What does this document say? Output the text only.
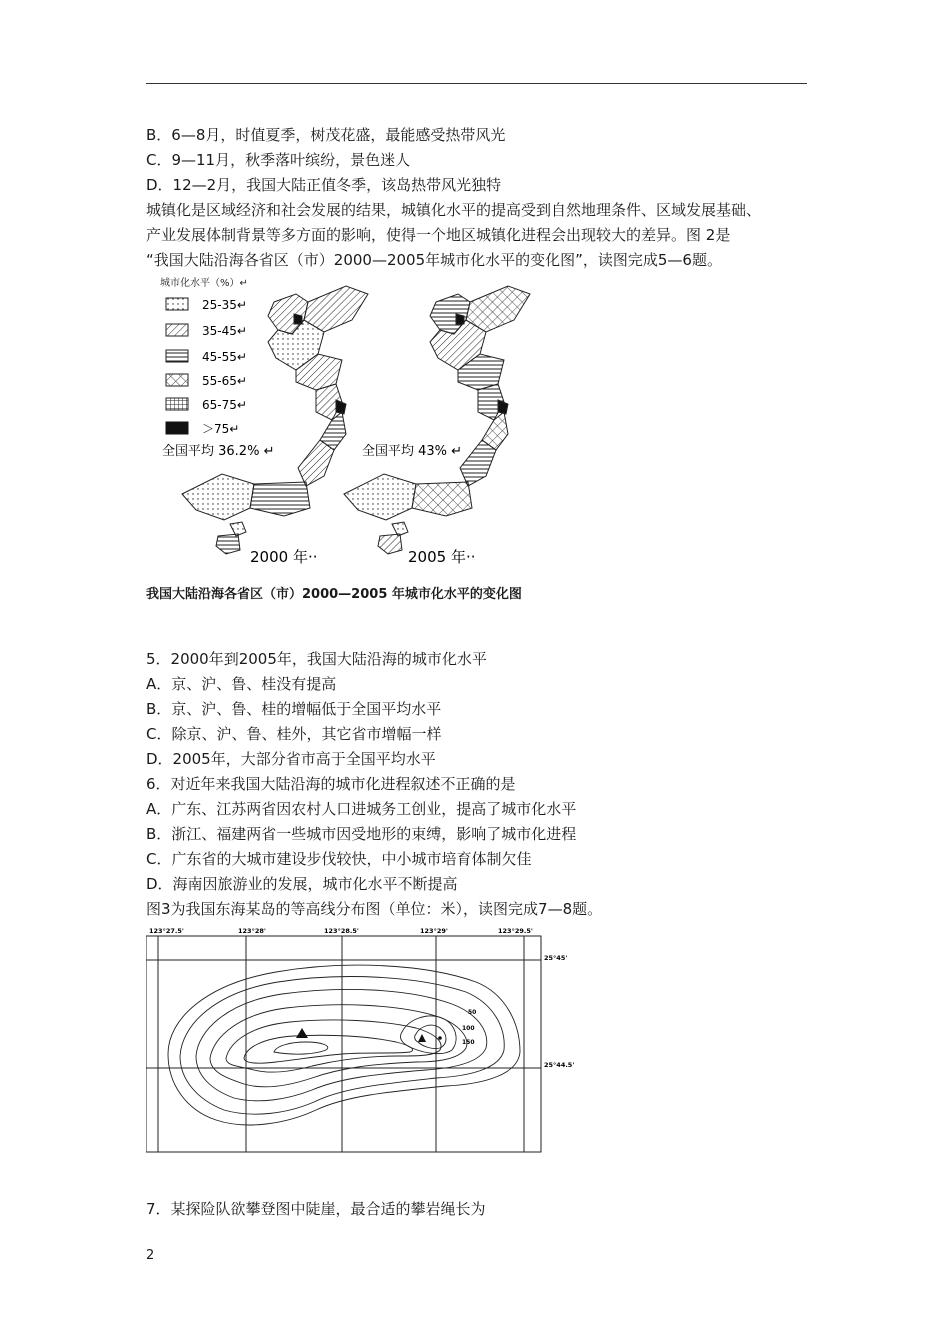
B．6—8月，时值夏季，树茂花盛，最能感受热带风光
C．9—11月，秋季落叶缤纷，景色迷人
D．12—2月，我国大陆正值冬季，该岛热带风光独特
城镇化是区域经济和社会发展的结果，城镇化水平的提高受到自然地理条件、区域发展基础、
产业发展体制背景等多方面的影响，使得一个地区城镇化进程会出现较大的差异。图 2是
“我国大陆沿海各省区（市）2000—2005年城市化水平的变化图”，读图完成5—6题。
城市化水平（%）↵
25-35↵
35-45↵
45-55↵
55-65↵
65-75↵
＞75↵
全国平均 36.2% ↵
2000 年··
全国平均 43% ↵
2005 年··
我国大陆沿海各省区（市）2000—2005 年城市化水平的变化图
5．2000年到2005年，我国大陆沿海的城市化水平
A．京、沪、鲁、桂没有提高
B．京、沪、鲁、桂的增幅低于全国平均水平
C．除京、沪、鲁、桂外，其它省市增幅一样
D．2005年，大部分省市高于全国平均水平
6．对近年来我国大陆沿海的城市化进程叙述不正确的是
A．广东、江苏两省因农村人口进城务工创业，提高了城市化水平
B．浙江、福建两省一些城市因受地形的束缚，影响了城市化进程
C．广东省的大城市建设步伐较快，中小城市培育体制欠佳
D．海南因旅游业的发展，城市化水平不断提高
图3为我国东海某岛的等高线分布图（单位：米），读图完成7—8题。
123°27.5'	123°28'	123°28.5'	123°29'	123°29.5'
25°45'
25°44.5'
50
100
150
7．某探险队欲攀登图中陡崖，最合适的攀岩绳长为
2
